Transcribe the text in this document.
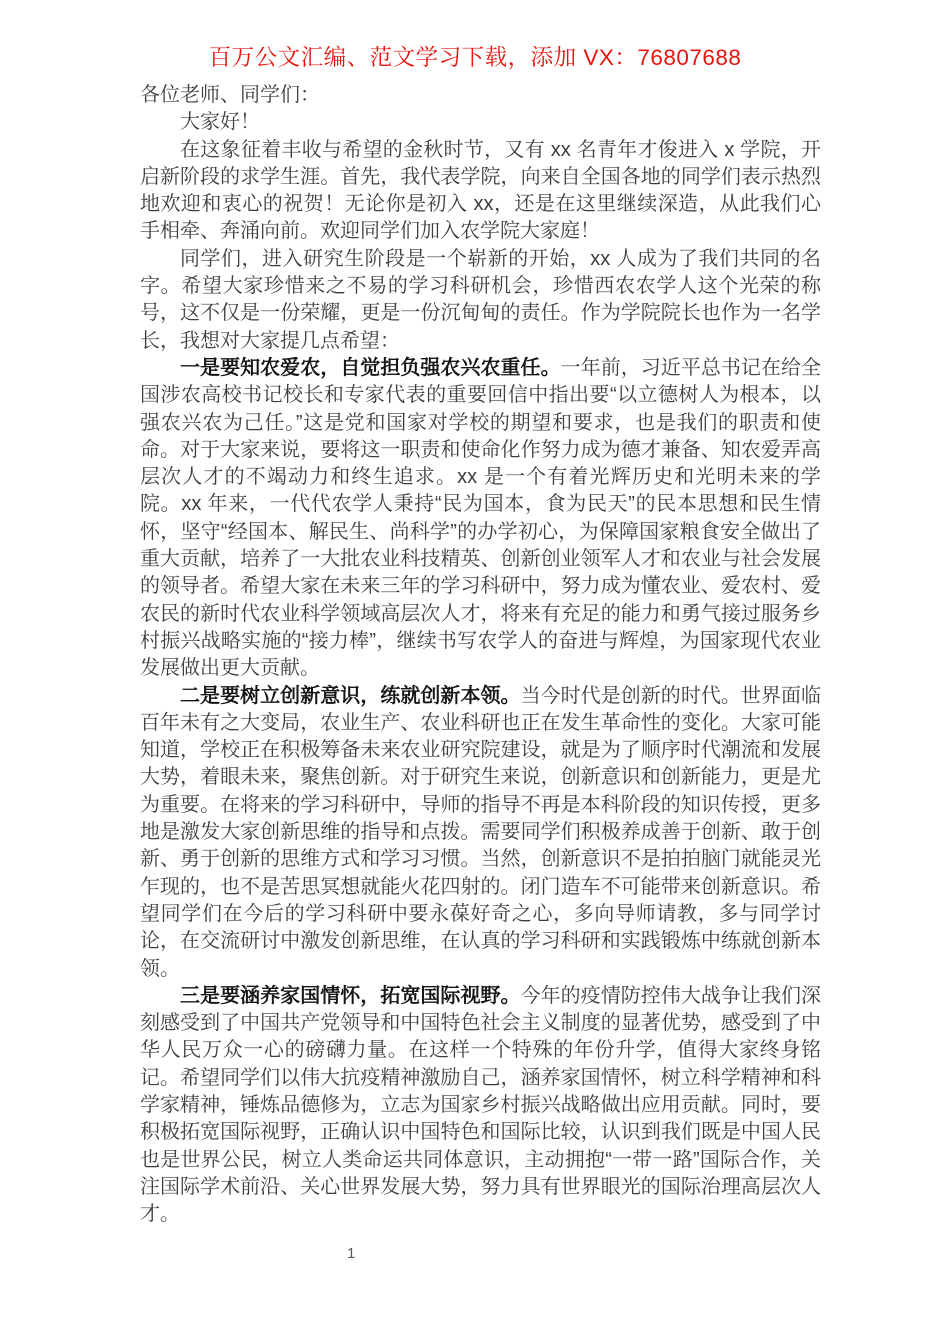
百万公文汇编、范文学习下载，添加 VX：76807688

各位老师、同学们：

大家好！

在这象征着丰收与希望的金秋时节，又有 xx 名青年才俊进入 x 学院，开启新阶段的求学生涯。首先，我代表学院，向来自全国各地的同学们表示热烈地欢迎和衷心的祝贺！无论你是初入 xx，还是在这里继续深造，从此我们心手相牵、奔涌向前。欢迎同学们加入农学院大家庭！

同学们，进入研究生阶段是一个崭新的开始，xx 人成为了我们共同的名字。希望大家珍惜来之不易的学习科研机会，珍惜西农农学人这个光荣的称号，这不仅是一份荣耀，更是一份沉甸甸的责任。作为学院院长也作为一名学长，我想对大家提几点希望：

一是要知农爱农，自觉担负强农兴农重任。一年前，习近平总书记在给全国涉农高校书记校长和专家代表的重要回信中指出要“以立德树人为根本，以强农兴农为己任。”这是党和国家对学校的期望和要求，也是我们的职责和使命。对于大家来说，要将这一职责和使命化作努力成为德才兼备、知农爱弄高层次人才的不竭动力和终生追求。xx 是一个有着光辉历史和光明未来的学院。xx 年来，一代代农学人秉持“民为国本，食为民天”的民本思想和民生情怀，坚守“经国本、解民生、尚科学”的办学初心，为保障国家粮食安全做出了重大贡献，培养了一大批农业科技精英、创新创业领军人才和农业与社会发展的领导者。希望大家在未来三年的学习科研中，努力成为懂农业、爱农村、爱农民的新时代农业科学领域高层次人才，将来有充足的能力和勇气接过服务乡村振兴战略实施的“接力棒”，继续书写农学人的奋进与辉煌，为国家现代农业发展做出更大贡献。

二是要树立创新意识，练就创新本领。当今时代是创新的时代。世界面临百年未有之大变局，农业生产、农业科研也正在发生革命性的变化。大家可能知道，学校正在积极筹备未来农业研究院建设，就是为了顺序时代潮流和发展大势，着眼未来，聚焦创新。对于研究生来说，创新意识和创新能力，更是尤为重要。在将来的学习科研中，导师的指导不再是本科阶段的知识传授，更多地是激发大家创新思维的指导和点拨。需要同学们积极养成善于创新、敢于创新、勇于创新的思维方式和学习习惯。当然，创新意识不是拍拍脑门就能灵光乍现的，也不是苦思冥想就能火花四射的。闭门造车不可能带来创新意识。希望同学们在今后的学习科研中要永葆好奇之心，多向导师请教，多与同学讨论，在交流研讨中激发创新思维，在认真的学习科研和实践锻炼中练就创新本领。

三是要涵养家国情怀，拓宽国际视野。今年的疫情防控伟大战争让我们深刻感受到了中国共产党领导和中国特色社会主义制度的显著优势，感受到了中华人民万众一心的磅礴力量。在这样一个特殊的年份升学，值得大家终身铭记。希望同学们以伟大抗疫精神激励自己，涵养家国情怀，树立科学精神和科学家精神，锤炼品德修为，立志为国家乡村振兴战略做出应用贡献。同时，要积极拓宽国际视野，正确认识中国特色和国际比较，认识到我们既是中国人民也是世界公民，树立人类命运共同体意识，主动拥抱“一带一路”国际合作，关注国际学术前沿、关心世界发展大势，努力具有世界眼光的国际治理高层次人才。

1
